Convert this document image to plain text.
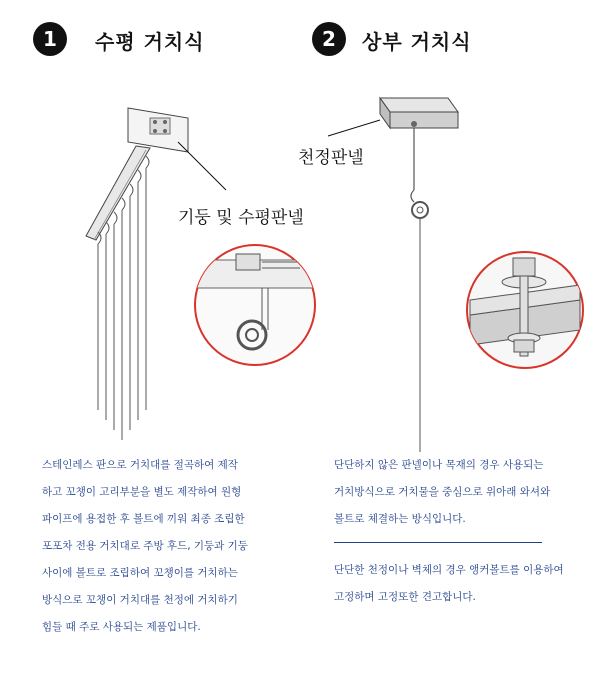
1 수평 거치식	2 상부 거치식
기둥 및 수평판넬
천정판넬

스테인레스 판으로 거치대를 절곡하여 제작

하고 꼬챙이 고리부분을 별도 제작하여 원형

파이프에 용접한 후 볼트에 끼워 최종 조립한

포포차 전용 거치대로 주방 후드, 기둥과 기둥

사이에 볼트로 조립하여 꼬챙이를 거치하는

방식으로 꼬챙이 거치대를 천정에 거치하기

힘들 때 주로 사용되는 제품입니다.

단단하지 않은 판넬이나 목재의 경우 사용되는

거치방식으로 거치물을 중심으로 위아래 와셔와

볼트로 체결하는 방식입니다.

단단한 천정이나 벽체의 경우 앵커볼트를 이용하여

고정하며 고정또한 견고합니다.
